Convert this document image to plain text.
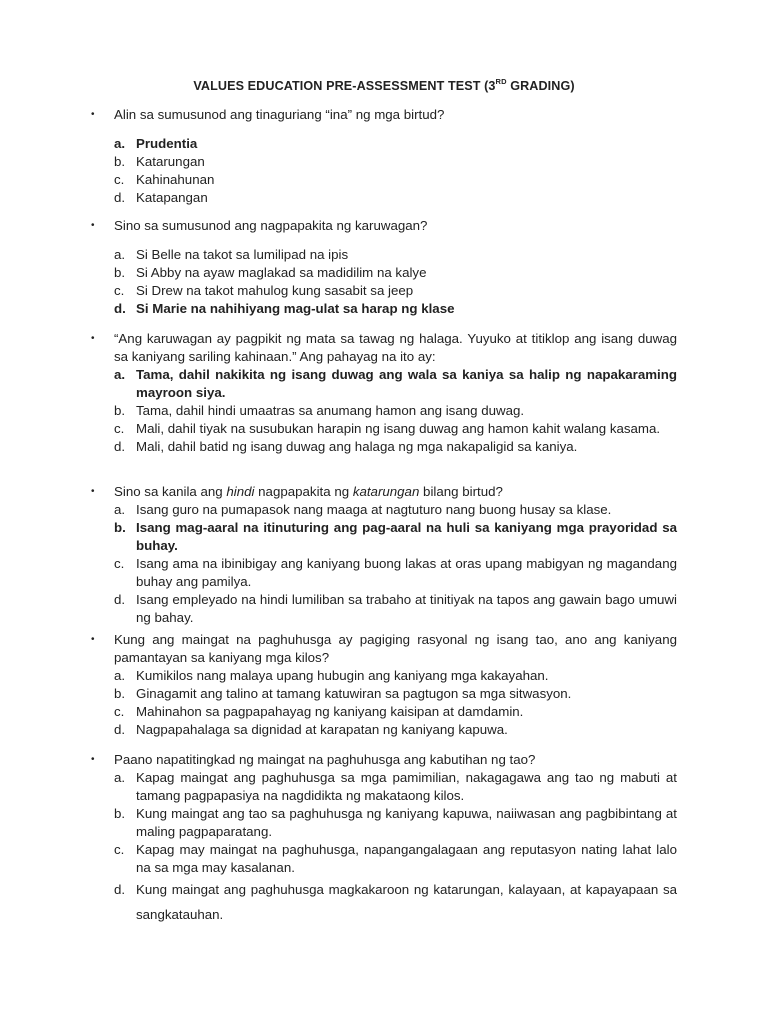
VALUES EDUCATION PRE-ASSESSMENT TEST (3RD GRADING)
•	Alin sa sumusunod ang tinaguriang “ina” ng mga birtud?
a. Prudentia
b. Katarungan
c. Kahinahunan
d. Katapangan
•	Sino sa sumusunod ang nagpapakita ng karuwagan?
a. Si Belle na takot sa lumilipad na ipis
b. Si Abby na ayaw maglakad sa madidilim na kalye
c. Si Drew na takot mahulog kung sasabit sa jeep
d. Si Marie na nahihiyang mag-ulat sa harap ng klase
•	“Ang karuwagan ay pagpikit ng mata sa tawag ng halaga. Yuyuko at titiklop ang isang duwag sa kaniyang sariling kahinaan.” Ang pahayag na ito ay:
a. Tama, dahil nakikita ng isang duwag ang wala sa kaniya sa halip ng napakaraming mayroon siya.
b. Tama, dahil hindi umaatras sa anumang hamon ang isang duwag.
c. Mali, dahil tiyak na susubukan harapin ng isang duwag ang hamon kahit walang kasama.
d. Mali, dahil batid ng isang duwag ang halaga ng mga nakapaligid sa kaniya.
•	Sino sa kanila ang hindi nagpapakita ng katarungan bilang birtud?
a. Isang guro na pumapasok nang maaga at nagtuturo nang buong husay sa klase.
b. Isang mag-aaral na itinuturing ang pag-aaral na huli sa kaniyang mga prayoridad sa buhay.
c. Isang ama na ibinibigay ang kaniyang buong lakas at oras upang mabigyan ng magandang buhay ang pamilya.
d. Isang empleyado na hindi lumiliban sa trabaho at tinitiyak na tapos ang gawain bago umuwi ng bahay.
•	Kung ang maingat na paghuhusga ay pagiging rasyonal ng isang tao, ano ang kaniyang pamantayan sa kaniyang mga kilos?
a. Kumikilos nang malaya upang hubugin ang kaniyang mga kakayahan.
b. Ginagamit ang talino at tamang katuwiran sa pagtugon sa mga sitwasyon.
c. Mahinahon sa pagpapahayag ng kaniyang kaisipan at damdamin.
d. Nagpapahalaga sa dignidad at karapatan ng kaniyang kapuwa.
•	Paano napatitingkad ng maingat na paghuhusga ang kabutihan ng tao?
a. Kapag maingat ang paghuhusga sa mga pamimilian, nakagagawa ang tao ng mabuti at tamang pagpapasiya na nagdidikta ng makataong kilos.
b. Kung maingat ang tao sa paghuhusga ng kaniyang kapuwa, naiiwasan ang pagbibintang at maling pagpaparatang.
c. Kapag may maingat na paghuhusga, napangangalagaan ang reputasyon nating lahat lalo na sa mga may kasalanan.
d. Kung maingat ang paghuhusga magkakaroon ng katarungan, kalayaan, at kapayapaan sa sangkatauhan.
